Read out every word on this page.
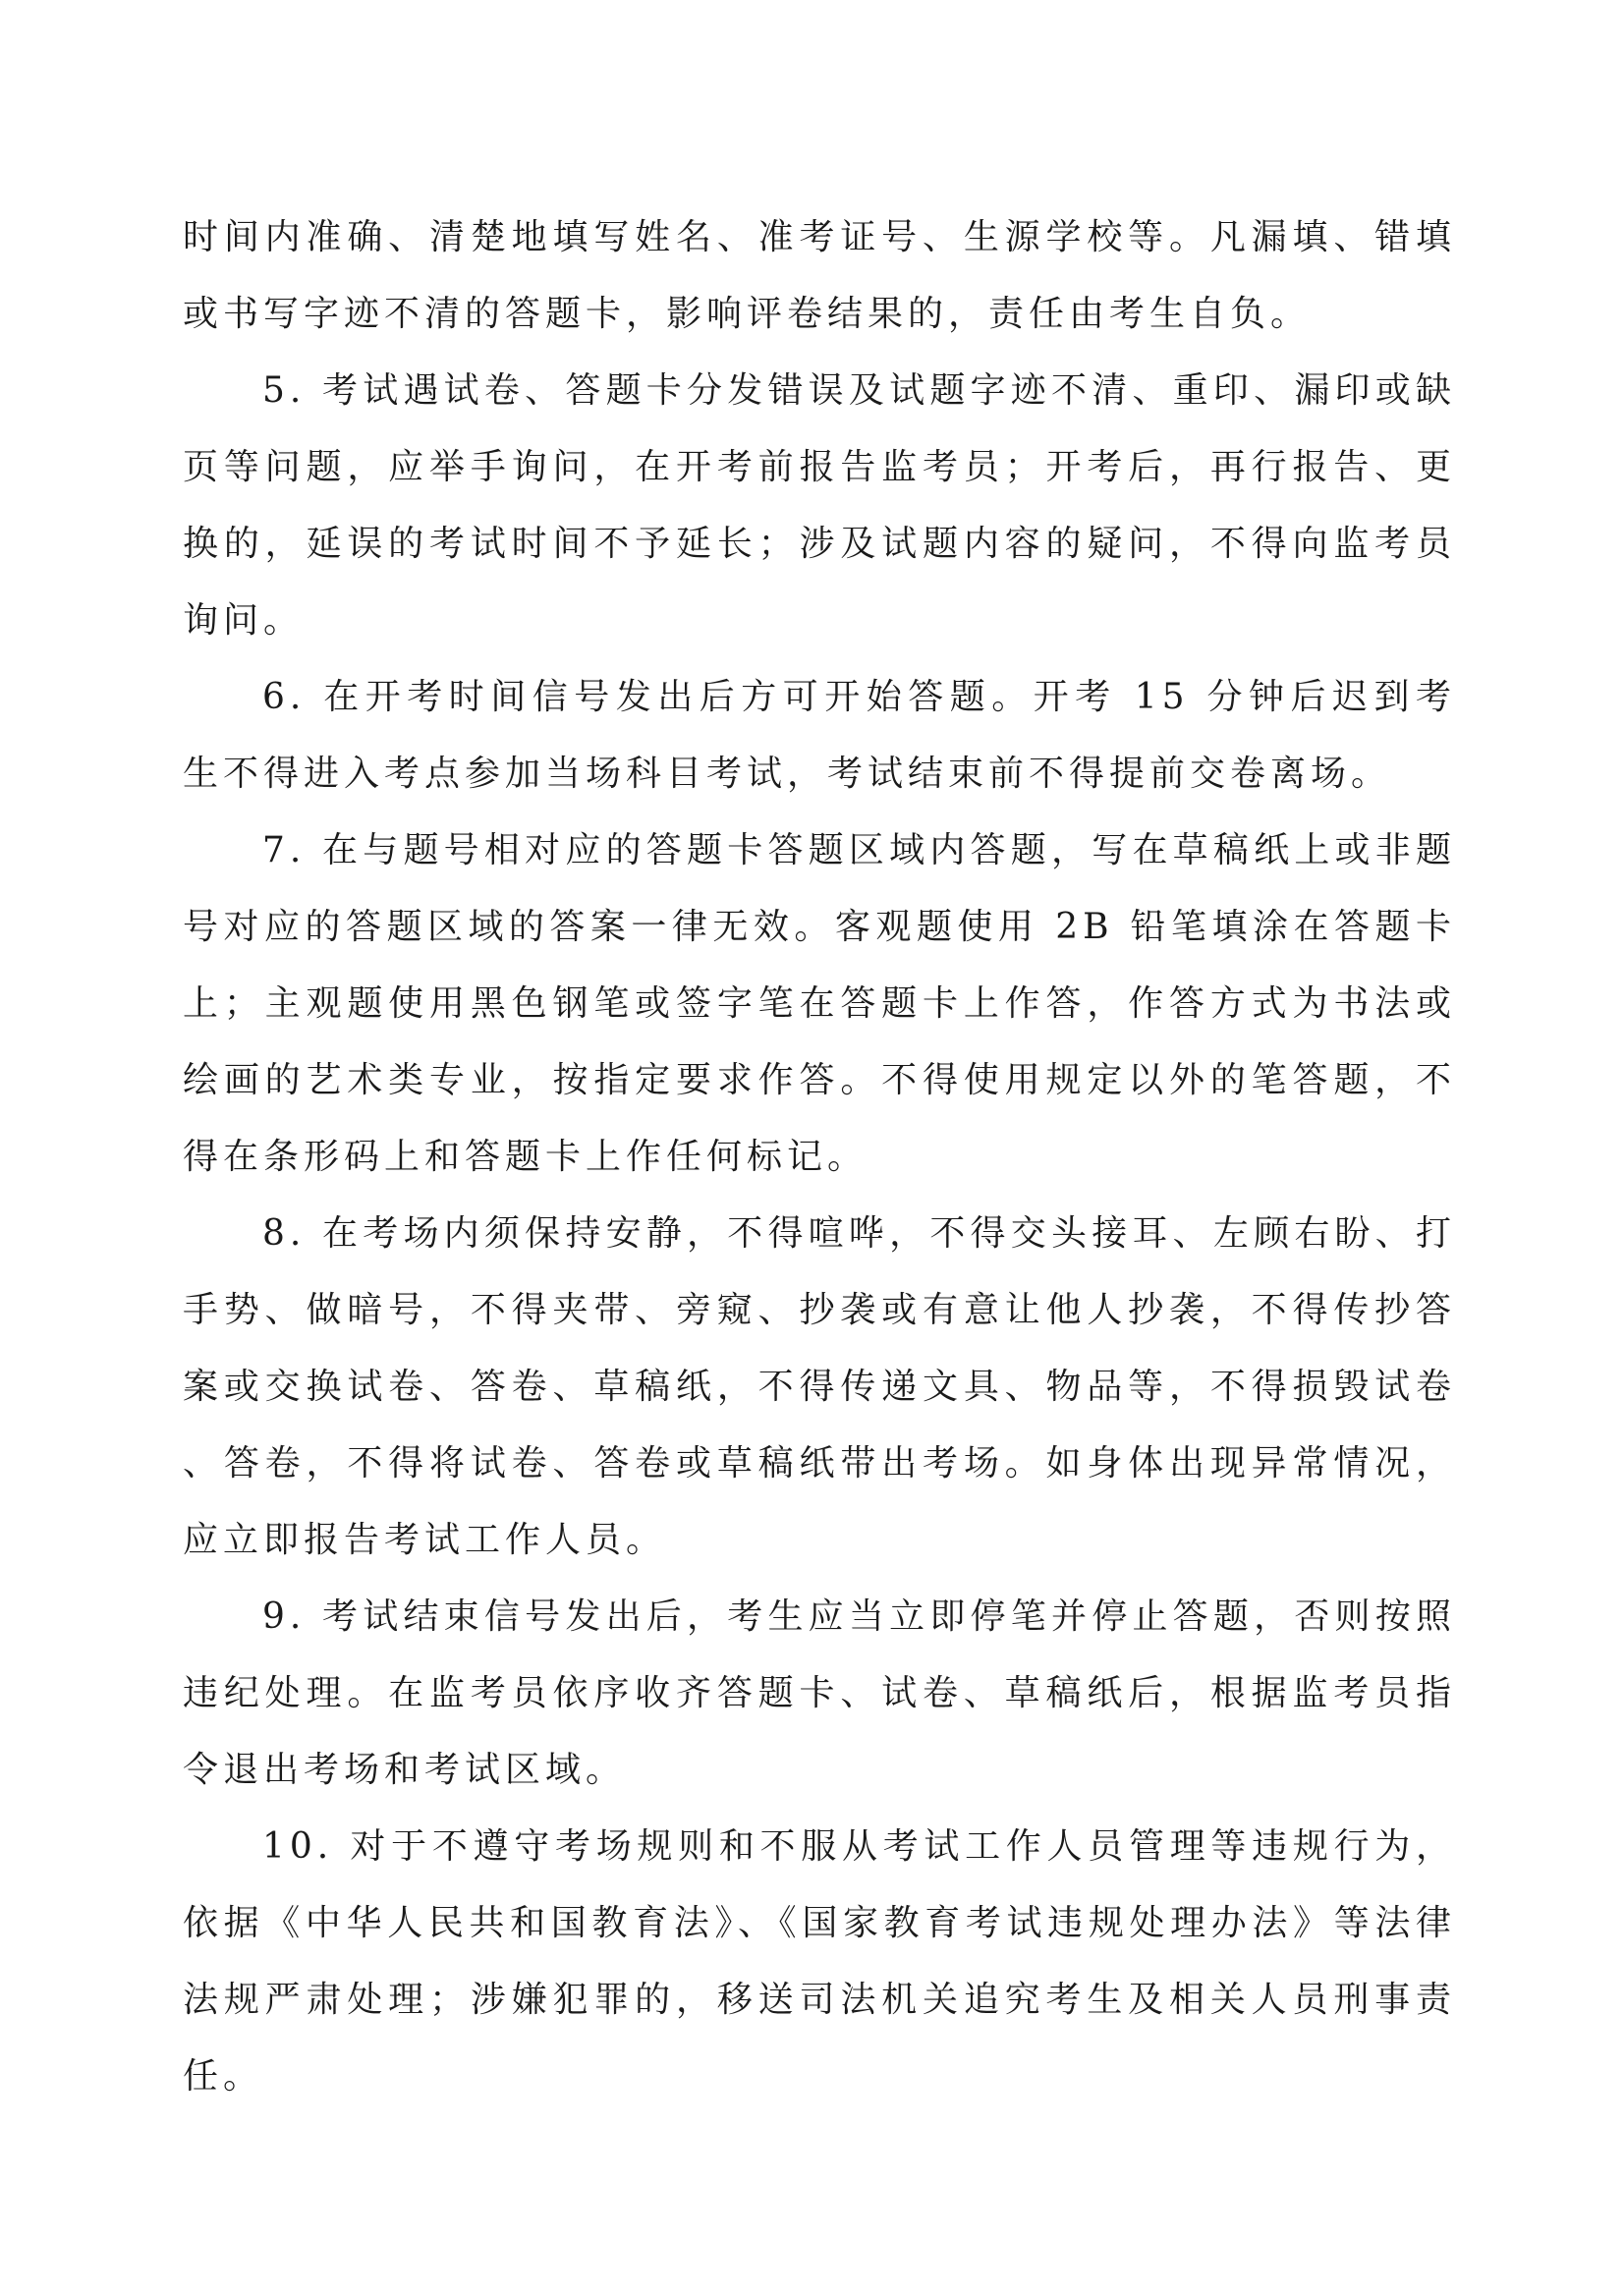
时间内准确、清楚地填写姓名、准考证号、生源学校等。凡漏填、错填或书写字迹不清的答题卡，影响评卷结果的，责任由考生自负。

5. 考试遇试卷、答题卡分发错误及试题字迹不清、重印、漏印或缺页等问题，应举手询问，在开考前报告监考员；开考后，再行报告、更换的，延误的考试时间不予延长；涉及试题内容的疑问，不得向监考员询问。

6. 在开考时间信号发出后方可开始答题。开考 15 分钟后迟到考生不得进入考点参加当场科目考试，考试结束前不得提前交卷离场。

7. 在与题号相对应的答题卡答题区域内答题，写在草稿纸上或非题号对应的答题区域的答案一律无效。客观题使用 2B 铅笔填涂在答题卡上；主观题使用黑色钢笔或签字笔在答题卡上作答，作答方式为书法或绘画的艺术类专业，按指定要求作答。不得使用规定以外的笔答题，不得在条形码上和答题卡上作任何标记。

8. 在考场内须保持安静，不得喧哗，不得交头接耳、左顾右盼、打手势、做暗号，不得夹带、旁窥、抄袭或有意让他人抄袭，不得传抄答案或交换试卷、答卷、草稿纸，不得传递文具、物品等，不得损毁试卷、答卷，不得将试卷、答卷或草稿纸带出考场。如身体出现异常情况，应立即报告考试工作人员。

9. 考试结束信号发出后，考生应当立即停笔并停止答题，否则按照违纪处理。在监考员依序收齐答题卡、试卷、草稿纸后，根据监考员指令退出考场和考试区域。

10. 对于不遵守考场规则和不服从考试工作人员管理等违规行为，依据《中华人民共和国教育法》、《国家教育考试违规处理办法》等法律法规严肃处理；涉嫌犯罪的，移送司法机关追究考生及相关人员刑事责任。
